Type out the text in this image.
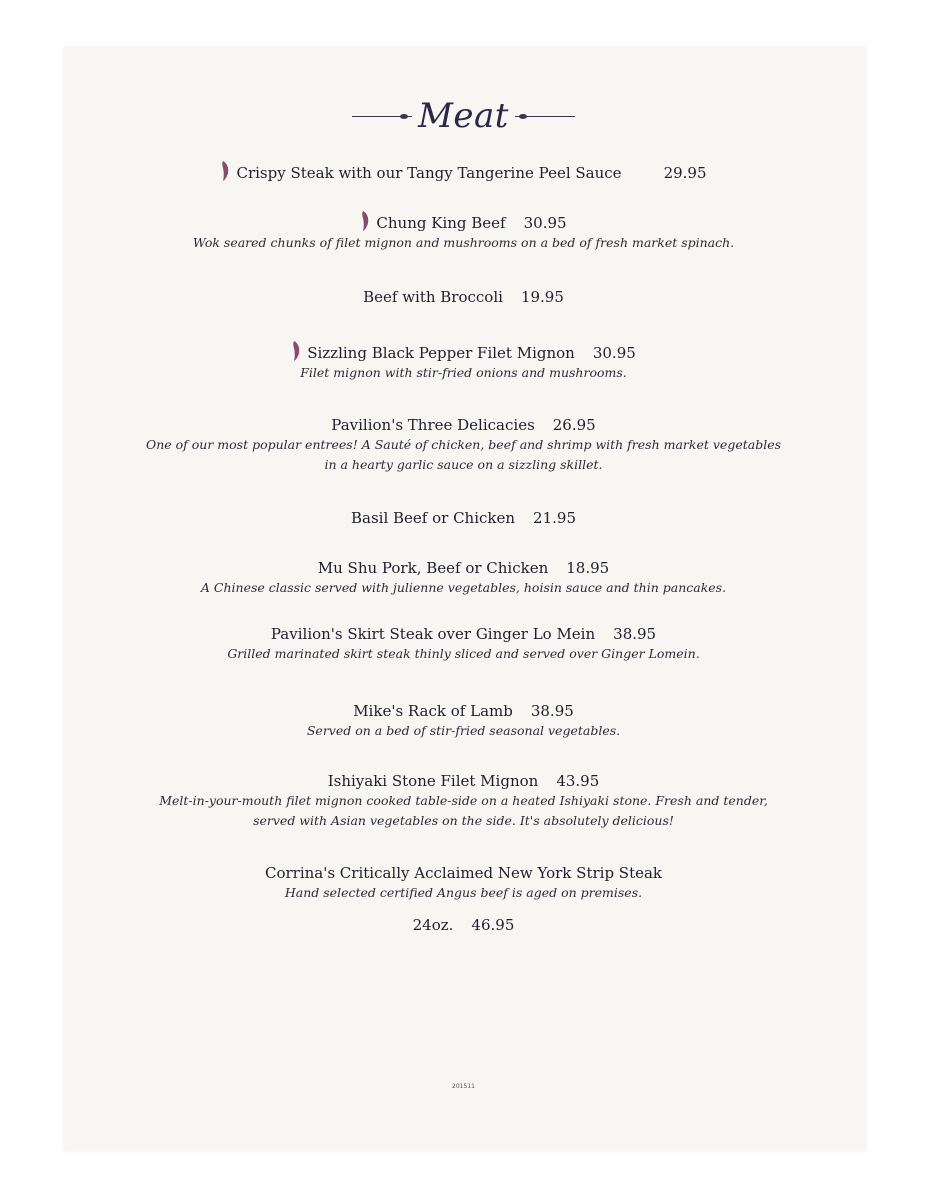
Meat
Crispy Steak with our Tangy Tangerine Peel Sauce	29.95
Chung King Beef 30.95
Wok seared chunks of filet mignon and mushrooms on a bed of fresh market spinach.
Beef with Broccoli 19.95
Sizzling Black Pepper Filet Mignon 30.95
Filet mignon with stir-fried onions and mushrooms.
Pavilion's Three Delicacies 26.95
One of our most popular entrees! A Sauté of chicken, beef and shrimp with fresh market vegetables
in a hearty garlic sauce on a sizzling skillet.
Basil Beef or Chicken 21.95
Mu Shu Pork, Beef or Chicken 18.95
A Chinese classic served with julienne vegetables, hoisin sauce and thin pancakes.
Pavilion's Skirt Steak over Ginger Lo Mein 38.95
Grilled marinated skirt steak thinly sliced and served over Ginger Lomein.
Mike's Rack of Lamb 38.95
Served on a bed of stir-fried seasonal vegetables.
Ishiyaki Stone Filet Mignon 43.95
Melt-in-your-mouth filet mignon cooked table-side on a heated Ishiyaki stone. Fresh and tender,
served with Asian vegetables on the side. It's absolutely delicious!
Corrina's Critically Acclaimed New York Strip Steak
Hand selected certified Angus beef is aged on premises.
24oz. 46.95
201511
